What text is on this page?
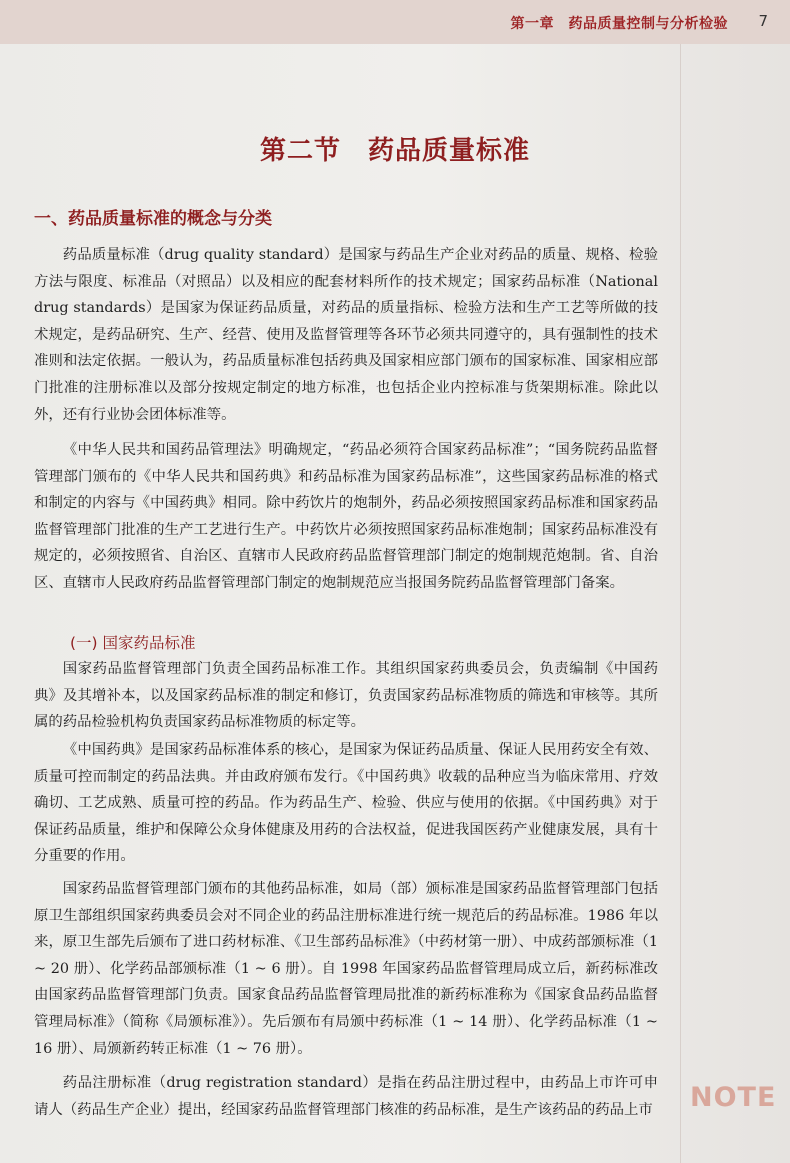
第一章　药品质量控制与分析检验 7
第二节　药品质量标准
一、药品质量标准的概念与分类

药品质量标准（drug quality standard）是国家与药品生产企业对药品的质量、规格、检验方法与限度、标准品（对照品）以及相应的配套材料所作的技术规定；国家药品标准（National drug standards）是国家为保证药品质量，对药品的质量指标、检验方法和生产工艺等所做的技术规定，是药品研究、生产、经营、使用及监督管理等各环节必须共同遵守的，具有强制性的技术准则和法定依据。一般认为，药品质量标准包括药典及国家相应部门颁布的国家标准、国家相应部门批准的注册标准以及部分按规定制定的地方标准，也包括企业内控标准与货架期标准。除此以外，还有行业协会团体标准等。

《中华人民共和国药品管理法》明确规定，“药品必须符合国家药品标准”；“国务院药品监督管理部门颁布的《中华人民共和国药典》和药品标准为国家药品标准”，这些国家药品标准的格式和制定的内容与《中国药典》相同。除中药饮片的炮制外，药品必须按照国家药品标准和国家药品监督管理部门批准的生产工艺进行生产。中药饮片必须按照国家药品标准炮制；国家药品标准没有规定的，必须按照省、自治区、直辖市人民政府药品监督管理部门制定的炮制规范炮制。省、自治区、直辖市人民政府药品监督管理部门制定的炮制规范应当报国务院药品监督管理部门备案。

(一) 国家药品标准

国家药品监督管理部门负责全国药品标准工作。其组织国家药典委员会，负责编制《中国药典》及其增补本，以及国家药品标准的制定和修订，负责国家药品标准物质的筛选和审核等。其所属的药品检验机构负责国家药品标准物质的标定等。

《中国药典》是国家药品标准体系的核心，是国家为保证药品质量、保证人民用药安全有效、质量可控而制定的药品法典。并由政府颁布发行。《中国药典》收载的品种应当为临床常用、疗效确切、工艺成熟、质量可控的药品。作为药品生产、检验、供应与使用的依据。《中国药典》对于保证药品质量，维护和保障公众身体健康及用药的合法权益，促进我国医药产业健康发展，具有十分重要的作用。

国家药品监督管理部门颁布的其他药品标准，如局（部）颁标准是国家药品监督管理部门包括原卫生部组织国家药典委员会对不同企业的药品注册标准进行统一规范后的药品标准。1986 年以来，原卫生部先后颁布了进口药材标准、《卫生部药品标准》（中药材第一册）、中成药部颁标准（1 ~ 20 册）、化学药品部颁标准（1 ~ 6 册）。自 1998 年国家药品监督管理局成立后，新药标准改由国家药品监督管理部门负责。国家食品药品监督管理局批准的新药标准称为《国家食品药品监督管理局标准》（简称《局颁标准》）。先后颁布有局颁中药标准（1 ~ 14 册）、化学药品标准（1 ~ 16 册）、局颁新药转正标准（1 ~ 76 册）。

药品注册标准（drug registration standard）是指在药品注册过程中，由药品上市许可申请人（药品生产企业）提出，经国家药品监督管理部门核准的药品标准，是生产该药品的药品上市 NOTE
